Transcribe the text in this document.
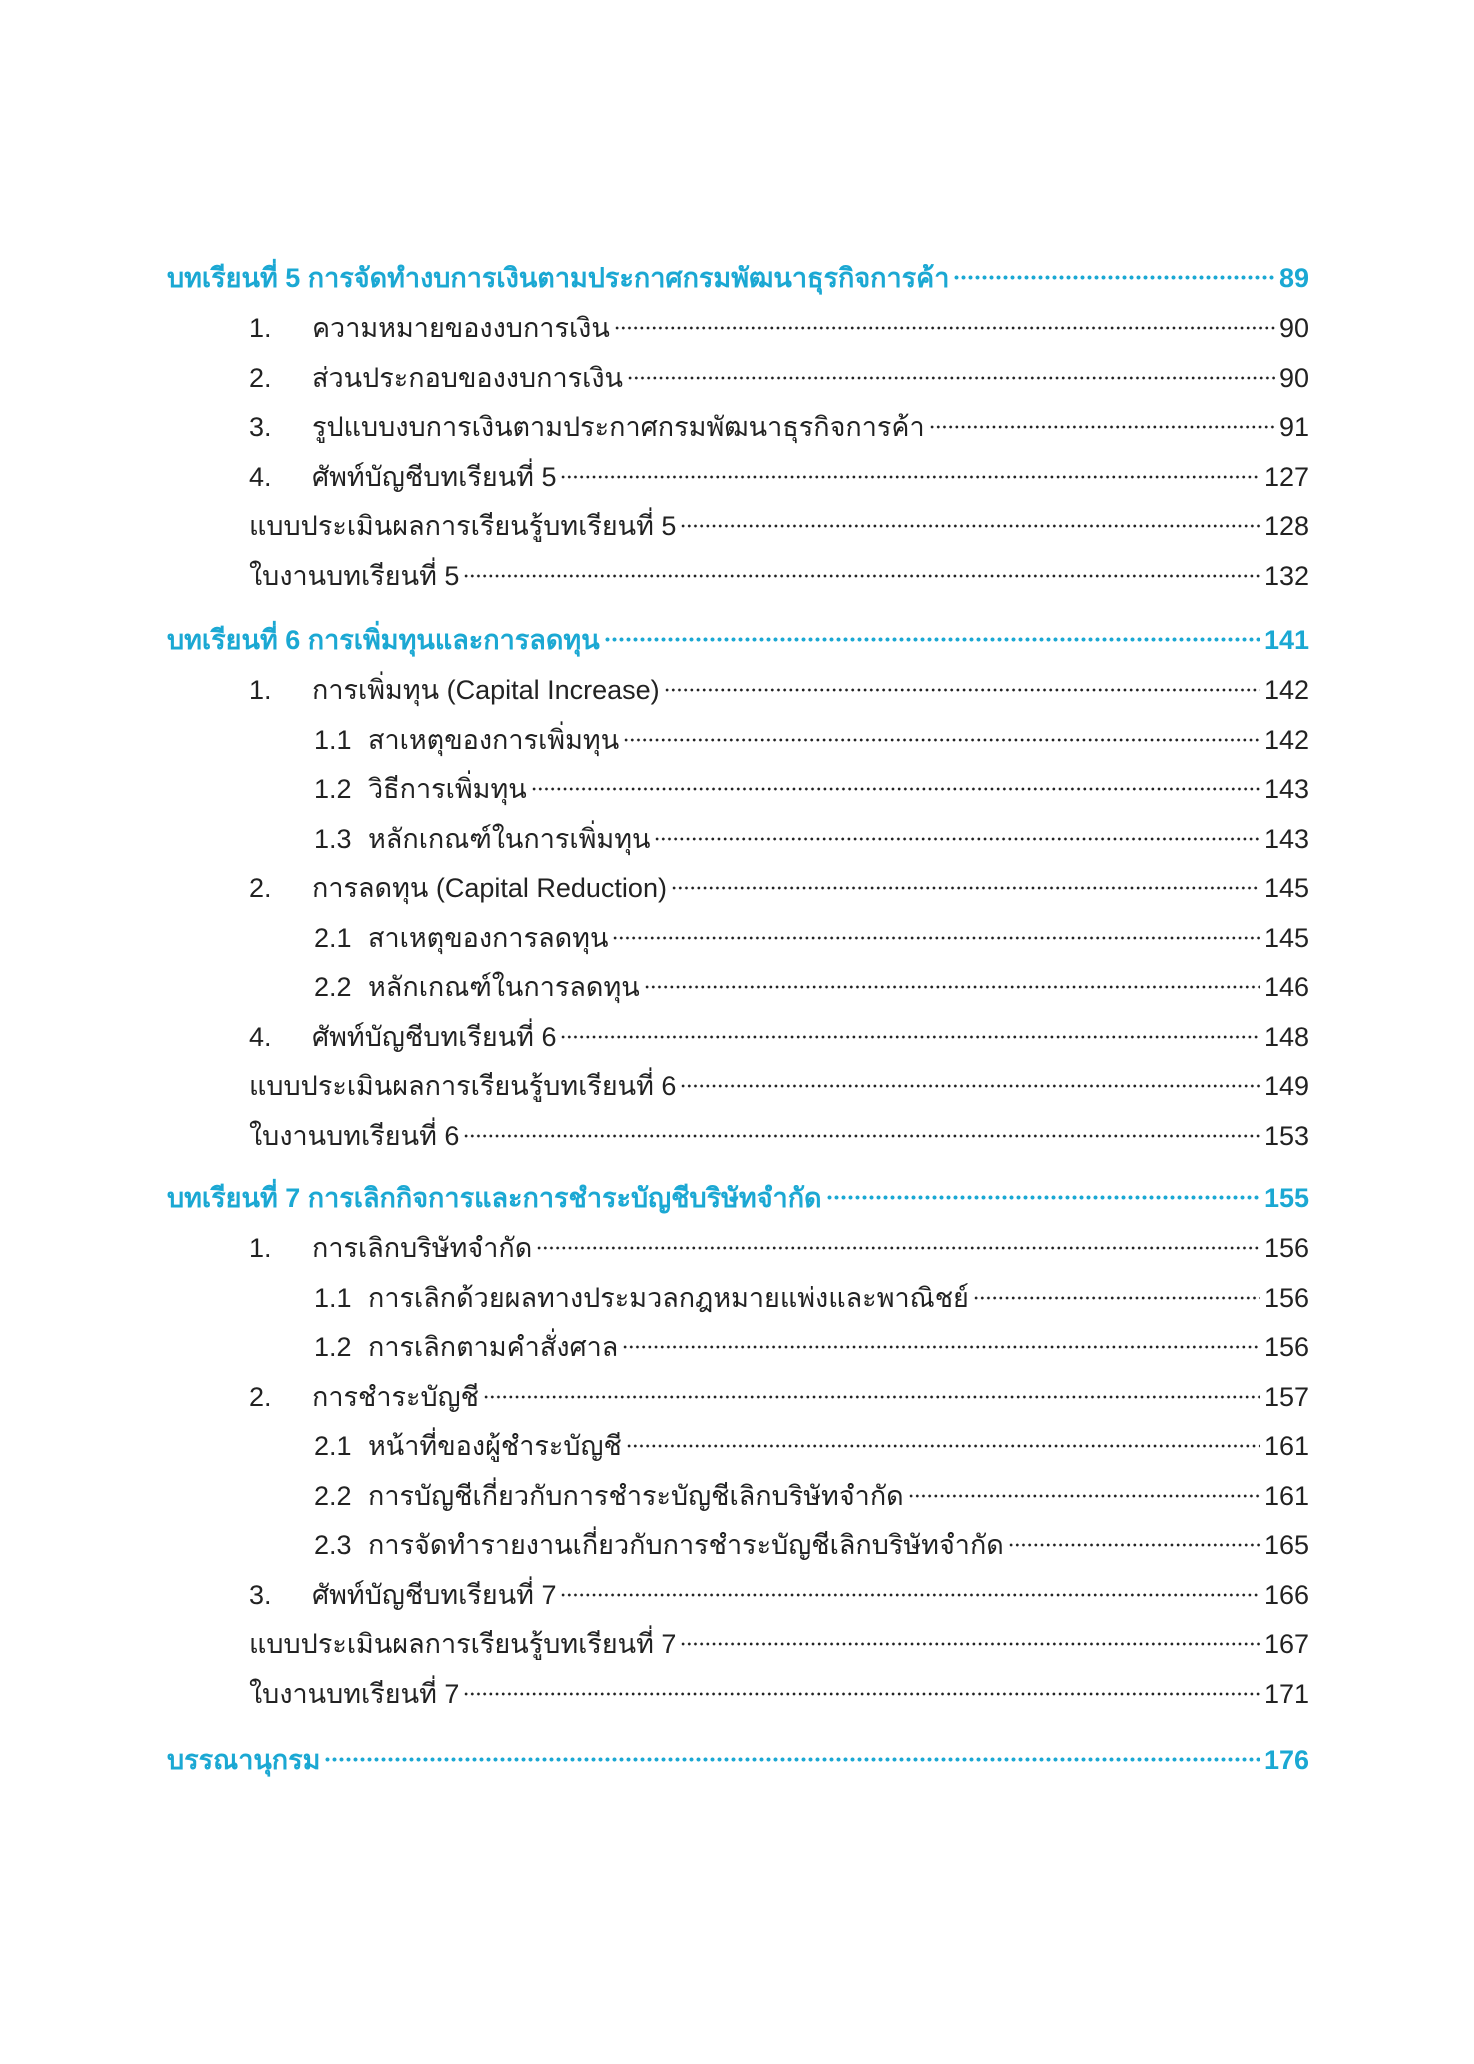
บทเรียนที่ 5 การจัดทำงบการเงินตามประกาศกรมพัฒนาธุรกิจการค้า	89
1.	ความหมายของงบการเงิน	90
2.	ส่วนประกอบของงบการเงิน	90
3.	รูปแบบงบการเงินตามประกาศกรมพัฒนาธุรกิจการค้า	91
4.	ศัพท์บัญชีบทเรียนที่ 5	127
แบบประเมินผลการเรียนรู้บทเรียนที่ 5	128
ใบงานบทเรียนที่ 5	132
บทเรียนที่ 6 การเพิ่มทุนและการลดทุน	141
1.	การเพิ่มทุน (Capital Increase)	142
1.1 สาเหตุของการเพิ่มทุน	142
1.2 วิธีการเพิ่มทุน	143
1.3 หลักเกณฑ์ในการเพิ่มทุน	143
2.	การลดทุน (Capital Reduction)	145
2.1 สาเหตุของการลดทุน	145
2.2 หลักเกณฑ์ในการลดทุน	146
4.	ศัพท์บัญชีบทเรียนที่ 6	148
แบบประเมินผลการเรียนรู้บทเรียนที่ 6	149
ใบงานบทเรียนที่ 6	153
บทเรียนที่ 7 การเลิกกิจการและการชำระบัญชีบริษัทจำกัด	155
1.	การเลิกบริษัทจำกัด	156
1.1 การเลิกด้วยผลทางประมวลกฎหมายแพ่งและพาณิชย์	156
1.2 การเลิกตามคำสั่งศาล	156
2.	การชำระบัญชี	157
2.1 หน้าที่ของผู้ชำระบัญชี	161
2.2 การบัญชีเกี่ยวกับการชำระบัญชีเลิกบริษัทจำกัด	161
2.3 การจัดทำรายงานเกี่ยวกับการชำระบัญชีเลิกบริษัทจำกัด	165
3.	ศัพท์บัญชีบทเรียนที่ 7	166
แบบประเมินผลการเรียนรู้บทเรียนที่ 7	167
ใบงานบทเรียนที่ 7	171
บรรณานุกรม	176
